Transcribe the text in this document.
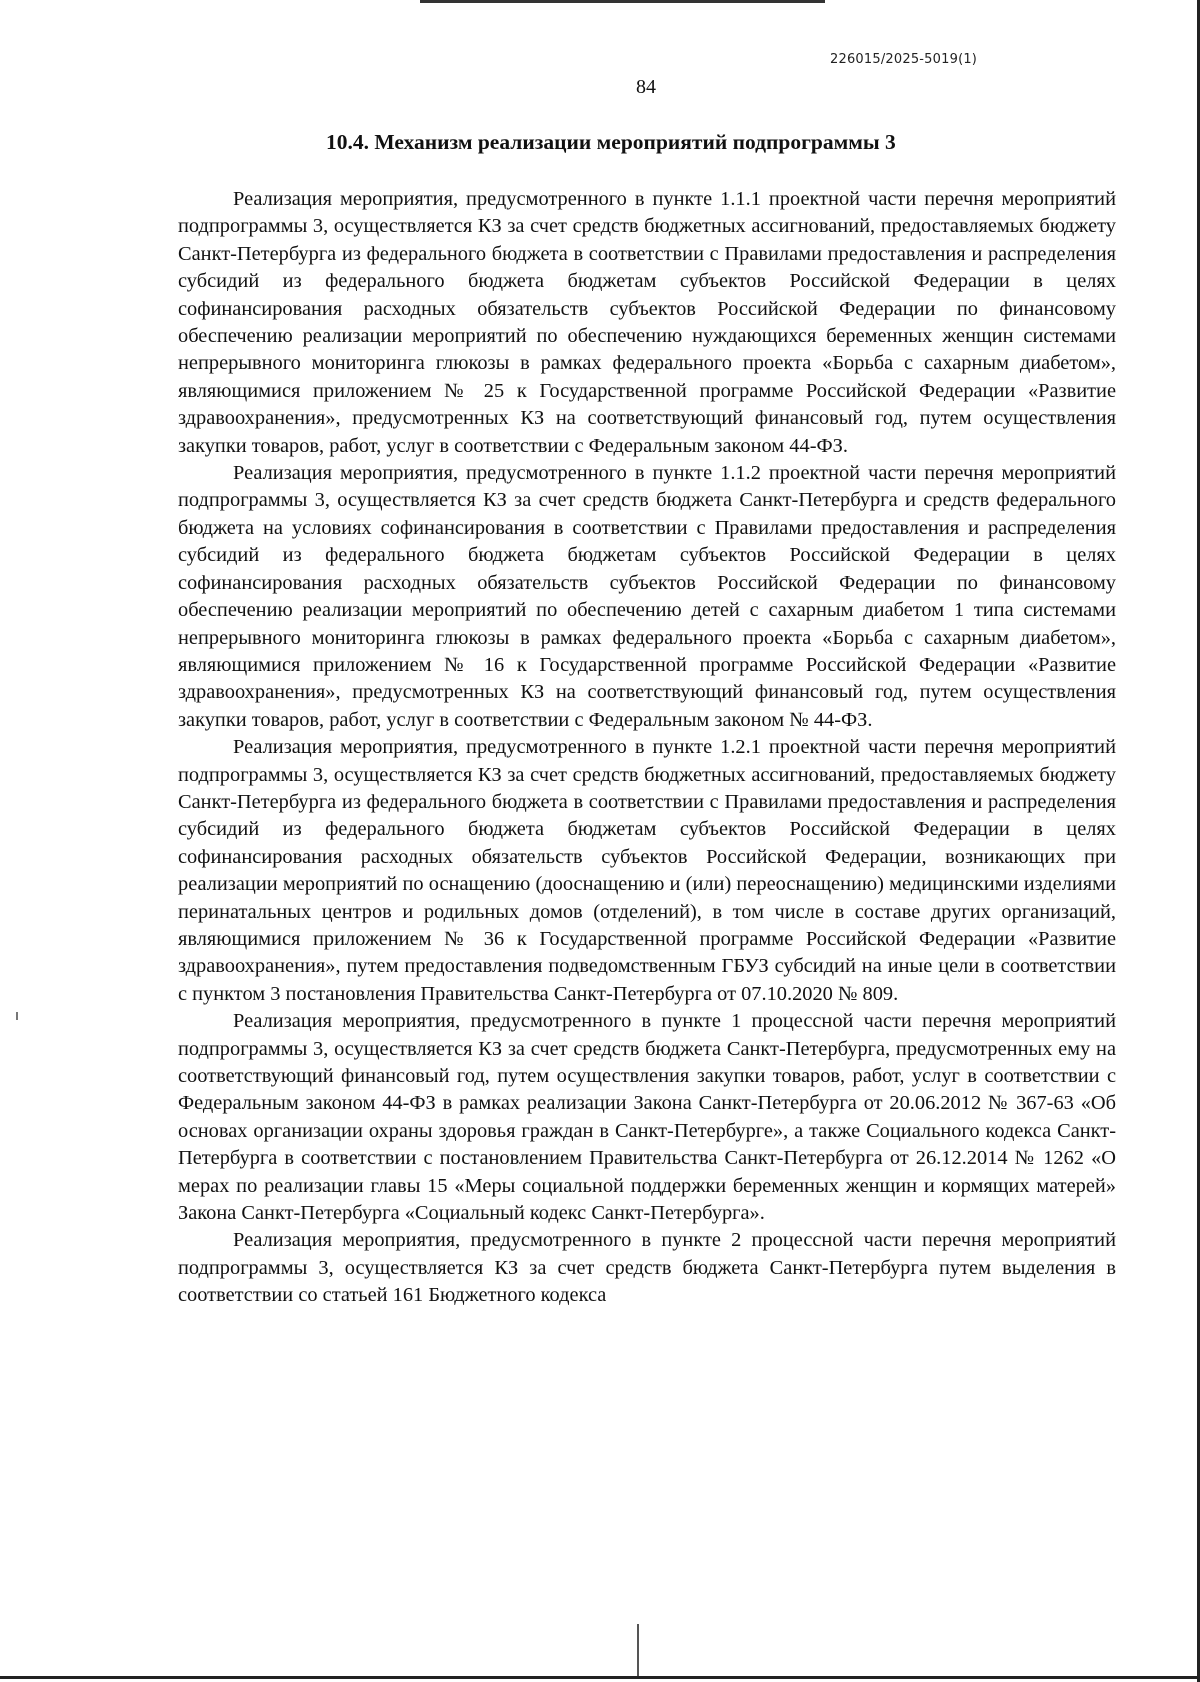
226015/2025-5019(1)
84
10.4. Механизм реализации мероприятий подпрограммы 3

Реализация мероприятия, предусмотренного в пункте 1.1.1 проектной части перечня мероприятий подпрограммы 3, осуществляется КЗ за счет средств бюджетных ассигнований, предоставляемых бюджету Санкт-Петербурга из федерального бюджета в соответствии с Правилами предоставления и распределения субсидий из федерального бюджета бюджетам субъектов Российской Федерации в целях софинансирования расходных обязательств субъектов Российской Федерации по финансовому обеспечению реализации мероприятий по обеспечению нуждающихся беременных женщин системами непрерывного мониторинга глюкозы в рамках федерального проекта «Борьба с сахарным диабетом», являющимися приложением № 25 к Государственной программе Российской Федерации «Развитие здравоохранения», предусмотренных КЗ на соответствующий финансовый год, путем осуществления закупки товаров, работ, услуг в соответствии с Федеральным законом 44-ФЗ.

Реализация мероприятия, предусмотренного в пункте 1.1.2 проектной части перечня мероприятий подпрограммы 3, осуществляется КЗ за счет средств бюджета Санкт-Петербурга и средств федерального бюджета на условиях софинансирования в соответствии с Правилами предоставления и распределения субсидий из федерального бюджета бюджетам субъектов Российской Федерации в целях софинансирования расходных обязательств субъектов Российской Федерации по финансовому обеспечению реализации мероприятий по обеспечению детей с сахарным диабетом 1 типа системами непрерывного мониторинга глюкозы в рамках федерального проекта «Борьба с сахарным диабетом», являющимися приложением № 16 к Государственной программе Российской Федерации «Развитие здравоохранения», предусмотренных КЗ на соответствующий финансовый год, путем осуществления закупки товаров, работ, услуг в соответствии с Федеральным законом № 44-ФЗ.

Реализация мероприятия, предусмотренного в пункте 1.2.1 проектной части перечня мероприятий подпрограммы 3, осуществляется КЗ за счет средств бюджетных ассигнований, предоставляемых бюджету Санкт-Петербурга из федерального бюджета в соответствии с Правилами предоставления и распределения субсидий из федерального бюджета бюджетам субъектов Российской Федерации в целях софинансирования расходных обязательств субъектов Российской Федерации, возникающих при реализации мероприятий по оснащению (дооснащению и (или) переоснащению) медицинскими изделиями перинатальных центров и родильных домов (отделений), в том числе в составе других организаций, являющимися приложением № 36 к Государственной программе Российской Федерации «Развитие здравоохранения», путем предоставления подведомственным ГБУЗ субсидий на иные цели в соответствии с пунктом 3 постановления Правительства Санкт-Петербурга от 07.10.2020 № 809.

Реализация мероприятия, предусмотренного в пункте 1 процессной части перечня мероприятий подпрограммы 3, осуществляется КЗ за счет средств бюджета Санкт-Петербурга, предусмотренных ему на соответствующий финансовый год, путем осуществления закупки товаров, работ, услуг в соответствии с Федеральным законом 44-ФЗ в рамках реализации Закона Санкт-Петербурга от 20.06.2012 № 367-63 «Об основах организации охраны здоровья граждан в Санкт-Петербурге», а также Социального кодекса Санкт-Петербурга в соответствии с постановлением Правительства Санкт-Петербурга от 26.12.2014 № 1262 «О мерах по реализации главы 15 «Меры социальной поддержки беременных женщин и кормящих матерей» Закона Санкт-Петербурга «Социальный кодекс Санкт-Петербурга».

Реализация мероприятия, предусмотренного в пункте 2 процессной части перечня мероприятий подпрограммы 3, осуществляется КЗ за счет средств бюджета Санкт-Петербурга путем выделения в соответствии со статьей 161 Бюджетного кодекса
